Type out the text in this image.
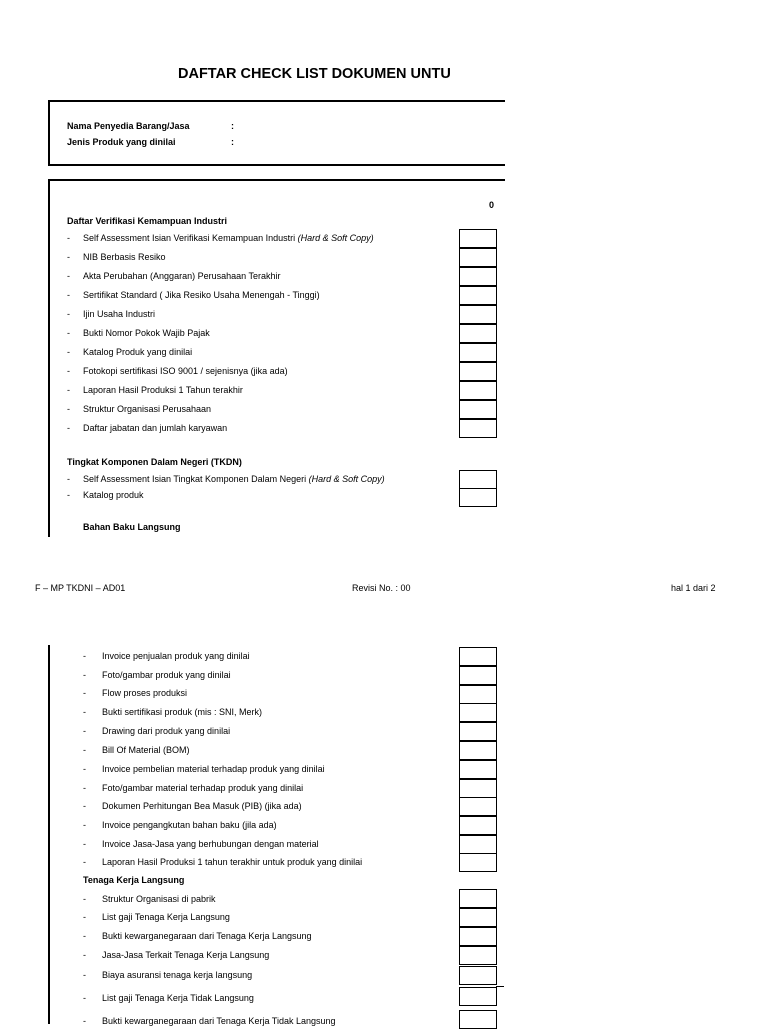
DAFTAR CHECK LIST DOKUMEN UNTU
Nama Penyedia Barang/Jasa	:
Jenis Produk yang dinilai	:
0
Daftar Verifikasi Kemampuan Industri
- Self Assessment Isian Verifikasi Kemampuan Industri (Hard & Soft Copy)
- NIB Berbasis Resiko
- Akta Perubahan (Anggaran) Perusahaan Terakhir
- Sertifikat Standard ( Jika Resiko Usaha Menengah - Tinggi)
- Ijin Usaha Industri
- Bukti Nomor Pokok Wajib Pajak
- Katalog Produk yang dinilai
- Fotokopi sertifikasi ISO 9001 / sejenisnya (jika ada)
- Laporan Hasil Produksi 1 Tahun terakhir
- Struktur Organisasi Perusahaan
- Daftar jabatan dan jumlah karyawan
Tingkat Komponen Dalam Negeri (TKDN)
- Self Assessment Isian Tingkat Komponen Dalam Negeri (Hard & Soft Copy)
- Katalog produk
Bahan Baku Langsung
F – MP TKDNI – AD01	Revisi No. : 00	hal 1 dari 2
- Invoice penjualan produk yang dinilai
- Foto/gambar produk yang dinilai
- Flow proses produksi
- Bukti sertifikasi produk (mis : SNI, Merk)
- Drawing dari produk yang dinilai
- Bill Of Material (BOM)
- Invoice pembelian material terhadap produk yang dinilai
- Foto/gambar material terhadap produk yang dinilai
- Dokumen Perhitungan Bea Masuk (PIB) (jika ada)
- Invoice pengangkutan bahan baku (jila ada)
- Invoice Jasa-Jasa yang berhubungan dengan material
- Laporan Hasil Produksi 1 tahun terakhir untuk produk yang dinilai
Tenaga Kerja Langsung
- Struktur Organisasi di pabrik
- List gaji Tenaga Kerja Langsung
- Bukti kewarganegaraan dari Tenaga Kerja Langsung
- Jasa-Jasa Terkait Tenaga Kerja Langsung
- Biaya asuransi tenaga kerja langsung
- List gaji Tenaga Kerja Tidak Langsung
- Bukti kewarganegaraan dari Tenaga Kerja Tidak Langsung
